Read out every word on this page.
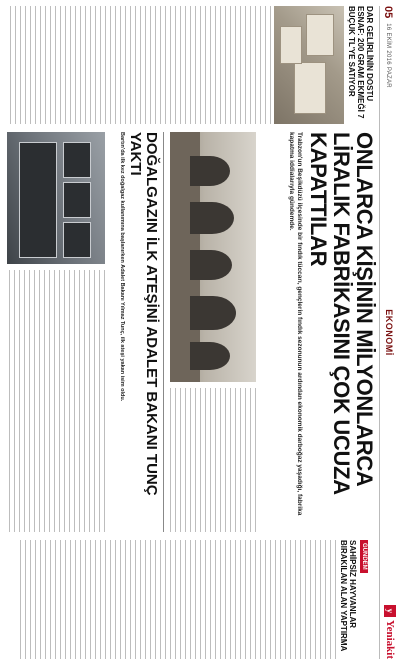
05
16 EKİM 2016 PAZAR
EKONOMİ
y
Yeniakit
DAR GELİRLİNİN DOSTU ESNAF: 200 GRAM EKMEĞİ 7 BUÇUK TL'YE SATIYOR
ONLARCA KİŞİNİN MİLYONLARCA LİRALIK FABRİKASINI ÇOK UCUZA KAPATTILAR

Trabzon'un Beşikdüzü ilçesinde bir fındık tüccarı, gençlerin fındık sezonunun ardından ekonomik darboğaz yaşadığı, fabrika kapatma iddialarıyla gündemde.

DOĞALGAZIN İLK ATEŞİNİ ADALET BAKANI TUNÇ YAKTI

Bartın'da ilk kez doğalgaz kullanımına başlanırken Adalet Bakanı Yılmaz Tunç, ilk ateşi yakan isim oldu.

GÜNDEM
SAHİPSİZ HAYVANLAR BIRAKILAN ALAN YAPTIRMA
